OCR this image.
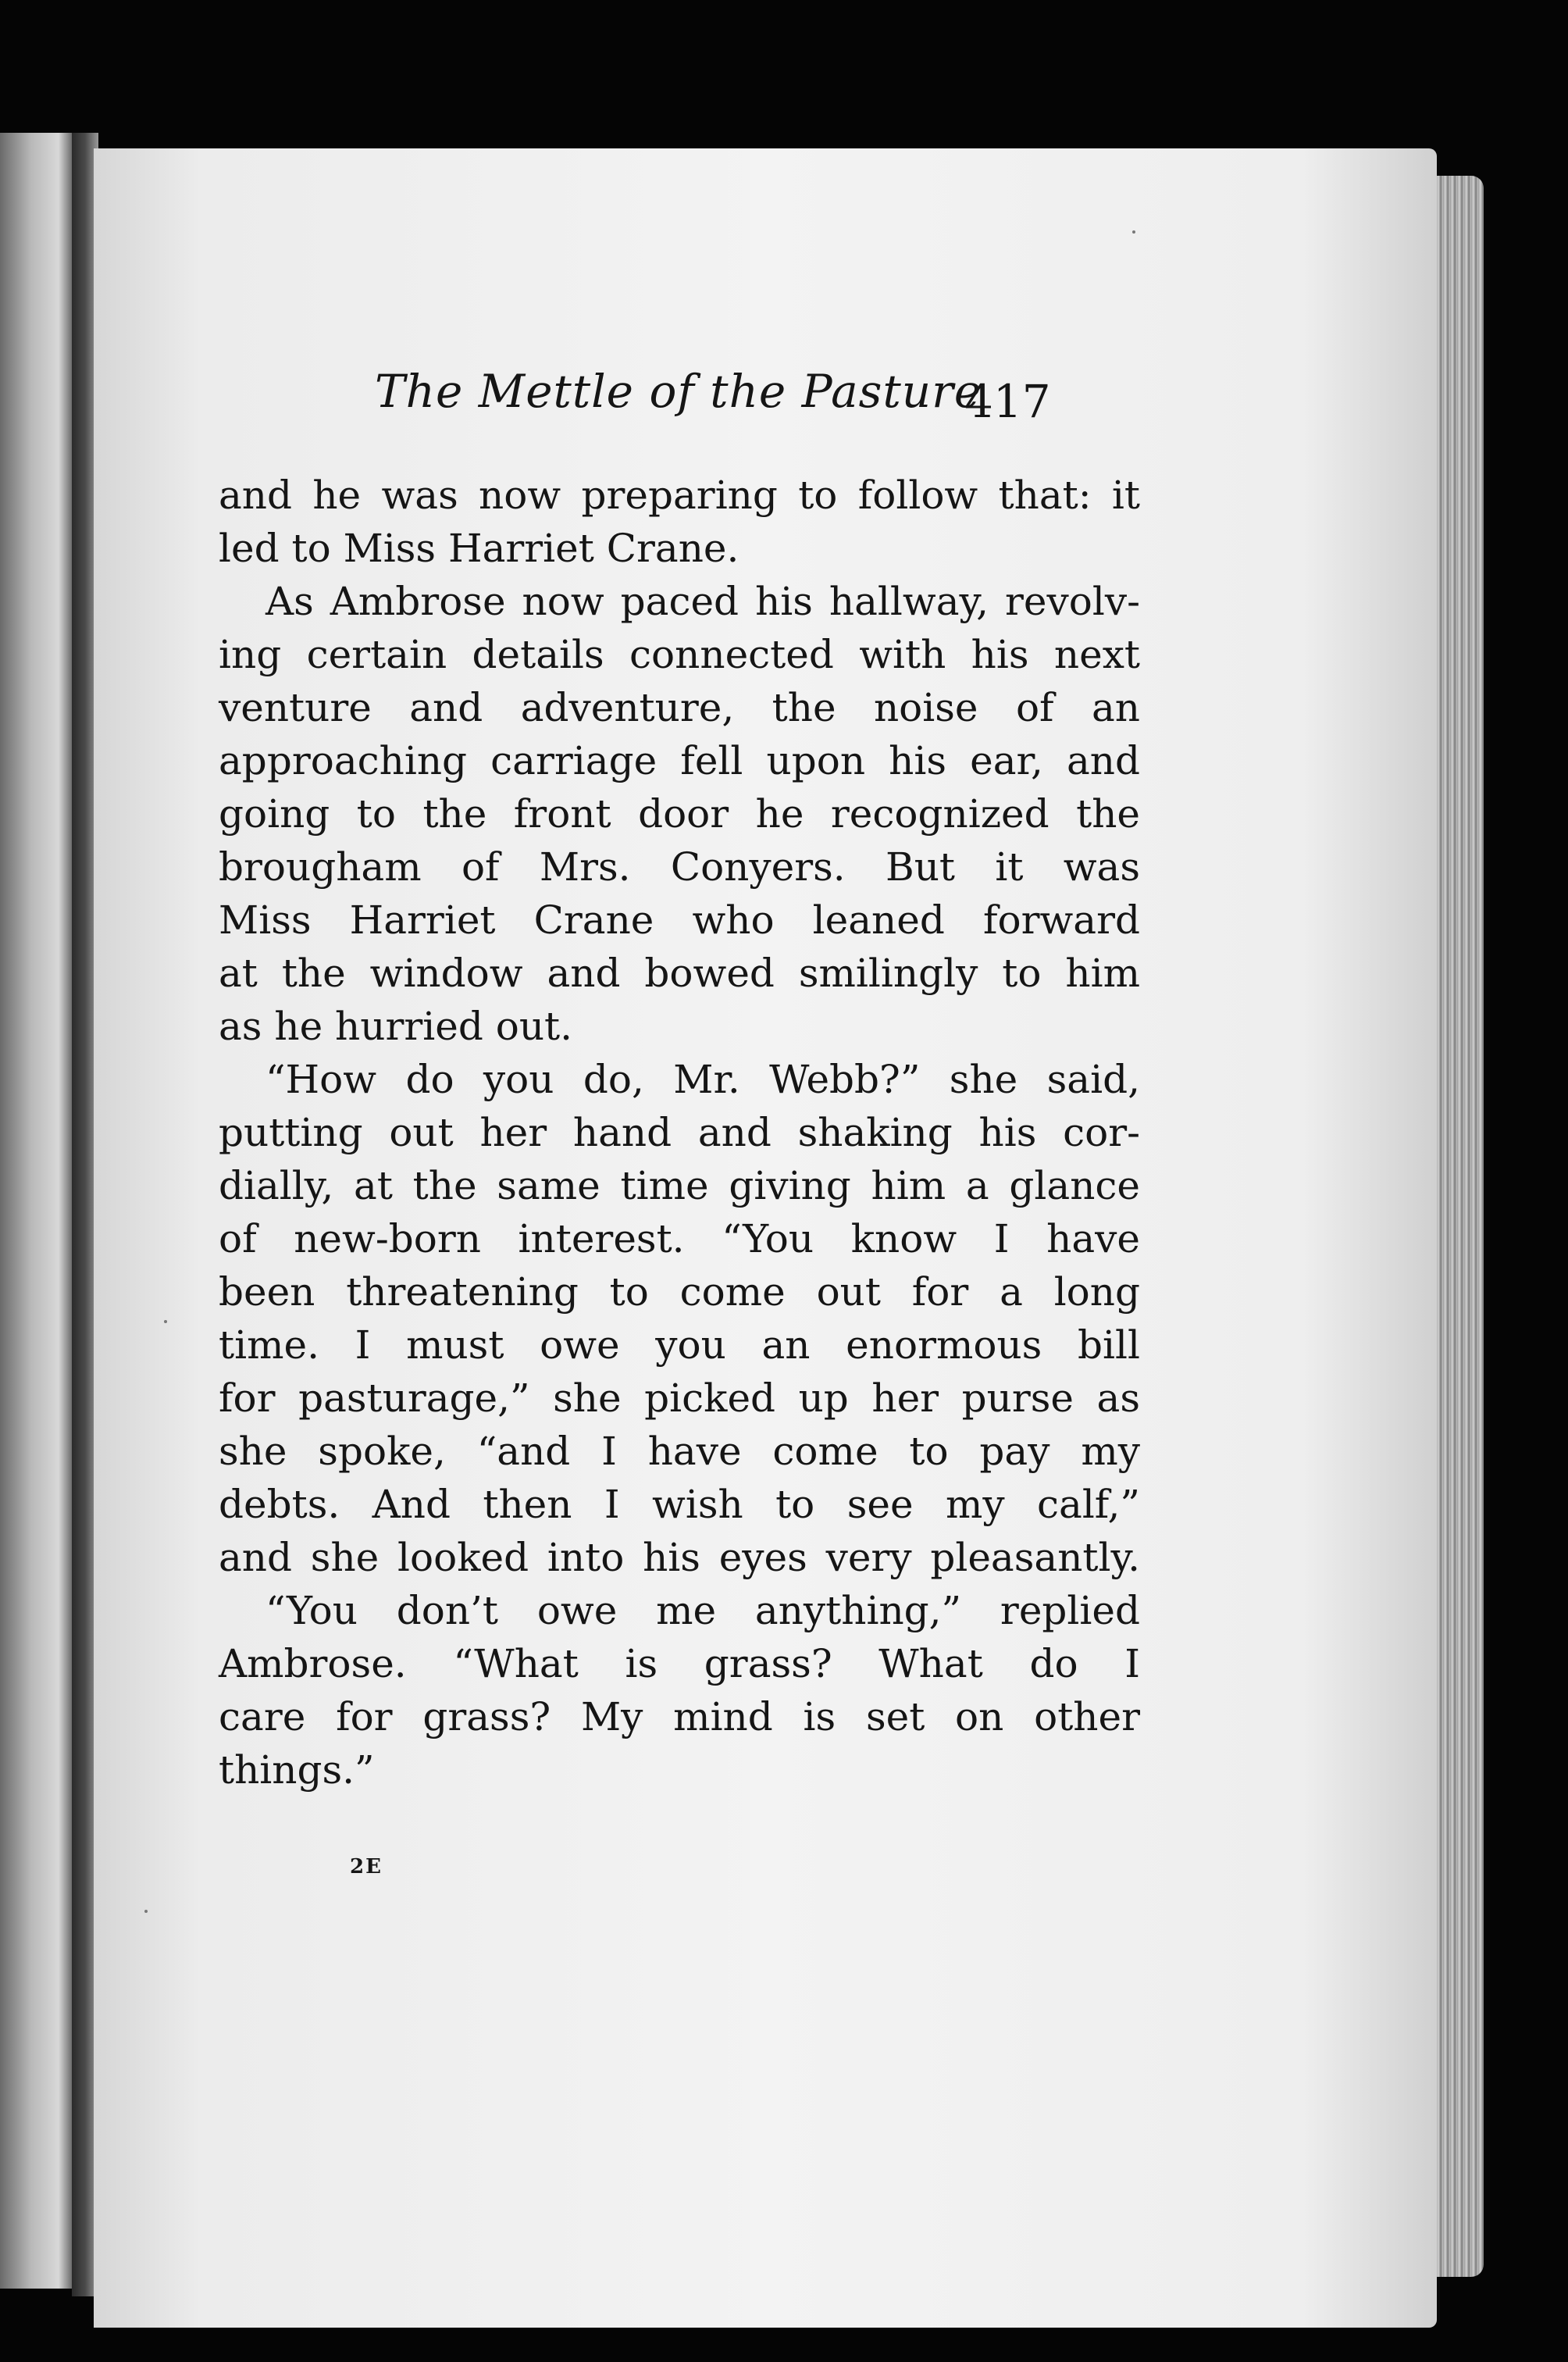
The Mettle of the Pasture
417
and he was now preparing to follow that: it
led to Miss Harriet Crane.
As Ambrose now paced his hallway, revolv-
ing certain details connected with his next
venture and adventure, the noise of an
approaching carriage fell upon his ear, and
going to the front door he recognized the
brougham of Mrs. Conyers. But it was
Miss Harriet Crane who leaned forward
at the window and bowed smilingly to him
as he hurried out.
“How do you do, Mr. Webb?” she said,
putting out her hand and shaking his cor-
dially, at the same time giving him a glance
of new-born interest. “You know I have
been threatening to come out for a long
time. I must owe you an enormous bill
for pasturage,” she picked up her purse as
she spoke, “and I have come to pay my
debts. And then I wish to see my calf,”
and she looked into his eyes very pleasantly.
“You don’t owe me anything,” replied
Ambrose. “What is grass? What do I
care for grass? My mind is set on other
things.”
2E
